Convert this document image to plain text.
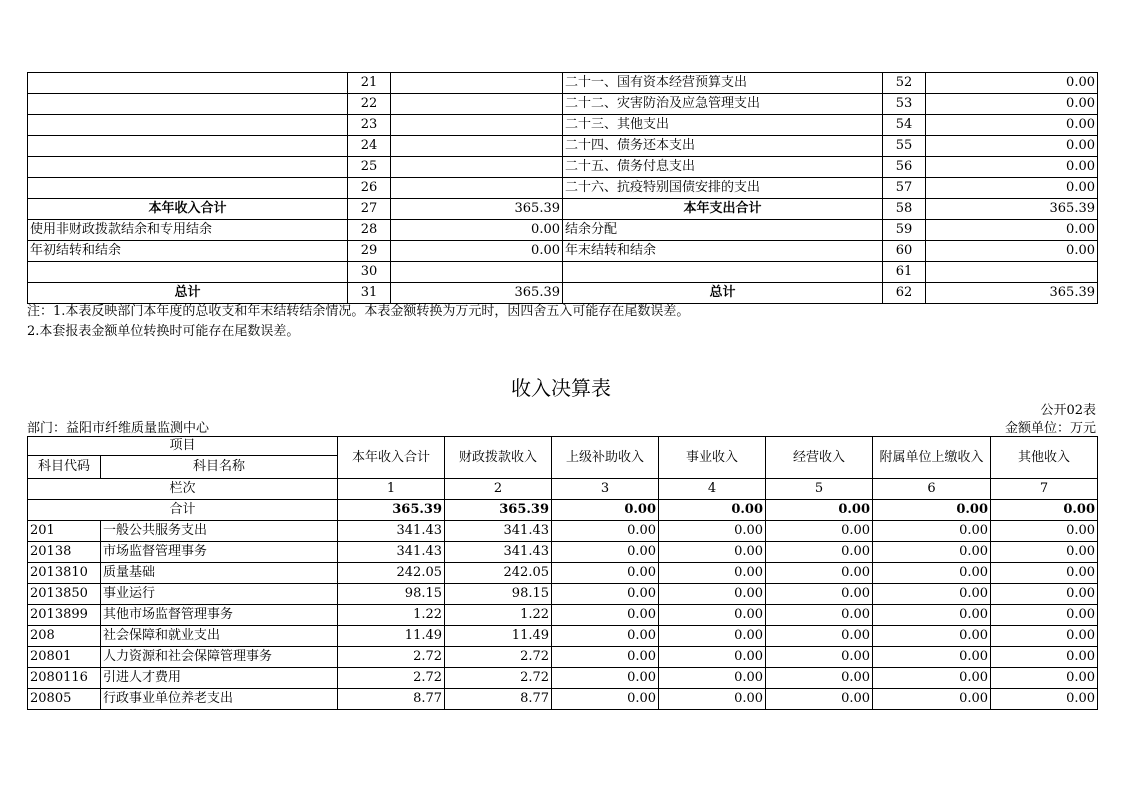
	21		二十一、国有资本经营预算支出	52	0.00
	22		二十二、灾害防治及应急管理支出	53	0.00
	23		二十三、其他支出	54	0.00
	24		二十四、债务还本支出	55	0.00
	25		二十五、债务付息支出	56	0.00
	26		二十六、抗疫特别国债安排的支出	57	0.00
本年收入合计	27	365.39	本年支出合计	58	365.39
使用非财政拨款结余和专用结余	28	0.00	结余分配	59	0.00
年初结转和结余	29	0.00	年末结转和结余	60	0.00
	30			61	
总计	31	365.39	总计	62	365.39
注：1.本表反映部门本年度的总收支和年末结转结余情况。本表金额转换为万元时，因四舍五入可能存在尾数误差。
2.本套报表金额单位转换时可能存在尾数误差。
收入决算表
公开02表
部门：益阳市纤维质量监测中心	金额单位：万元
项目		本年收入合计	财政拨款收入	上级补助收入	事业收入	经营收入	附属单位上缴收入	其他收入
科目代码	科目名称							
栏次		1	2	3	4	5	6	7
合计		365.39	365.39	0.00	0.00	0.00	0.00	0.00
201	一般公共服务支出	341.43	341.43	0.00	0.00	0.00	0.00	0.00
20138	市场监督管理事务	341.43	341.43	0.00	0.00	0.00	0.00	0.00
2013810	质量基础	242.05	242.05	0.00	0.00	0.00	0.00	0.00
2013850	事业运行	98.15	98.15	0.00	0.00	0.00	0.00	0.00
2013899	其他市场监督管理事务	1.22	1.22	0.00	0.00	0.00	0.00	0.00
208	社会保障和就业支出	11.49	11.49	0.00	0.00	0.00	0.00	0.00
20801	人力资源和社会保障管理事务	2.72	2.72	0.00	0.00	0.00	0.00	0.00
2080116	引进人才费用	2.72	2.72	0.00	0.00	0.00	0.00	0.00
20805	行政事业单位养老支出	8.77	8.77	0.00	0.00	0.00	0.00	0.00
